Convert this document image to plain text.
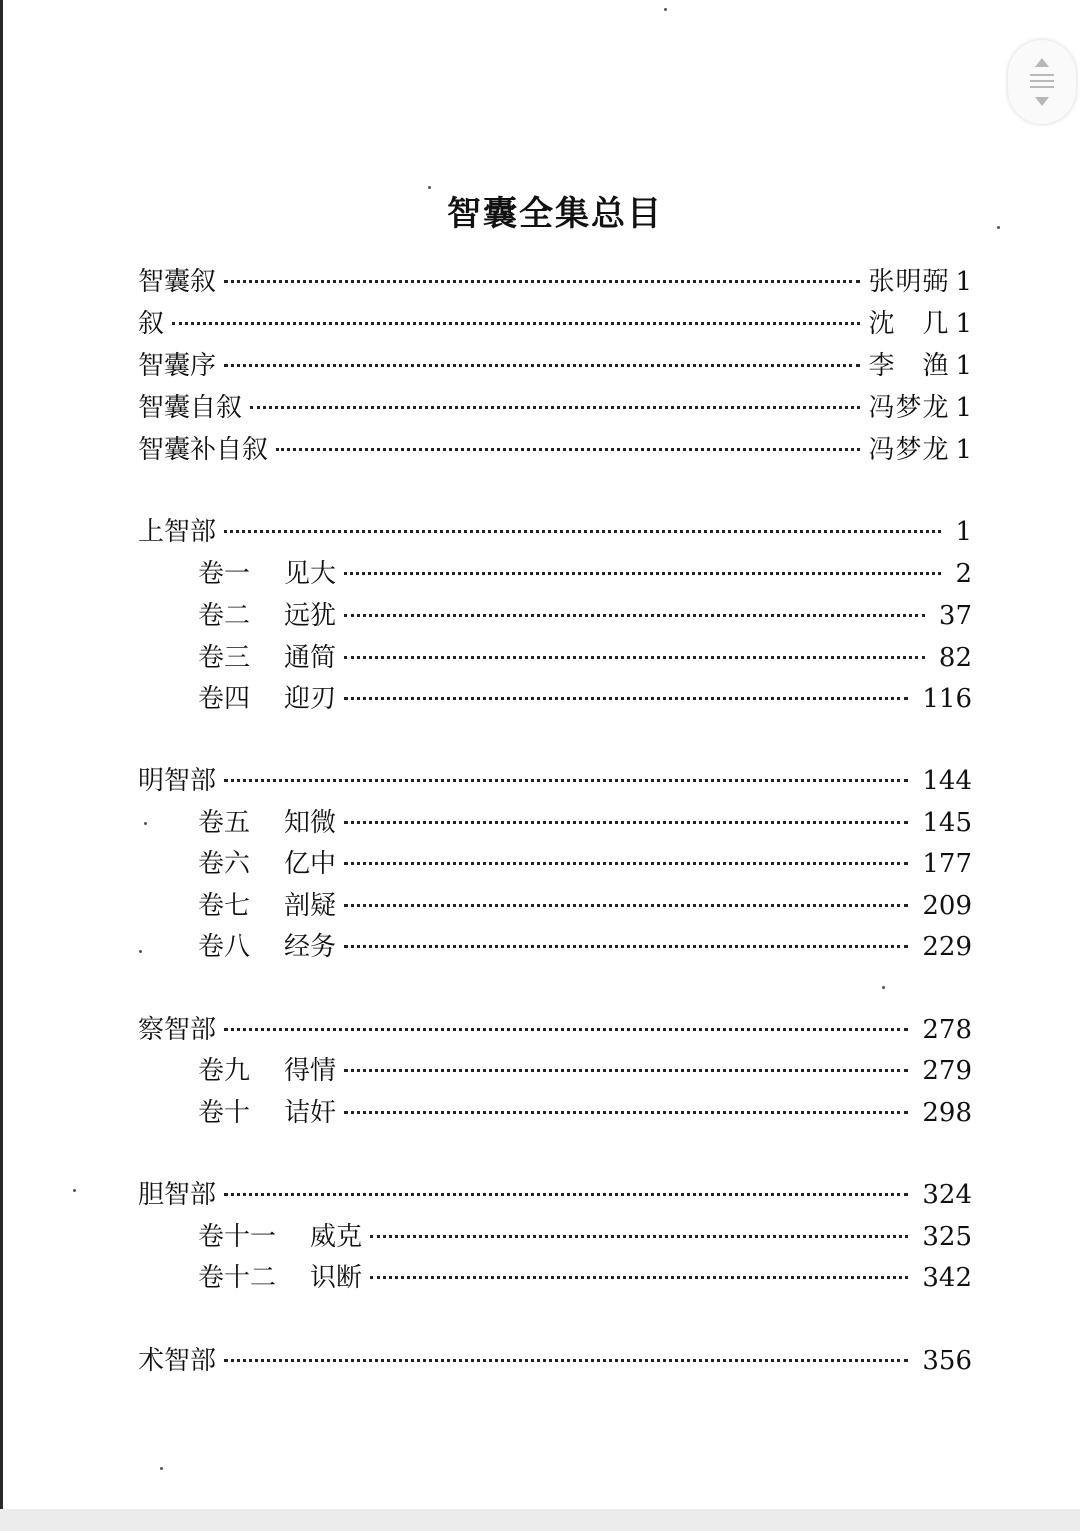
智囊全集总目
智囊叙	张明弼 1
叙	沈　几 1
智囊序	李　渔 1
智囊自叙	冯梦龙 1
智囊补自叙	冯梦龙 1
上智部	1
卷一	见大	2
卷二	远犹	37
卷三	通简	82
卷四	迎刃	116
明智部	144
卷五	知微	145
卷六	亿中	177
卷七	剖疑	209
卷八	经务	229
察智部	278
卷九	得情	279
卷十	诘奸	298
胆智部	324
卷十一	威克	325
卷十二	识断	342
术智部	356
